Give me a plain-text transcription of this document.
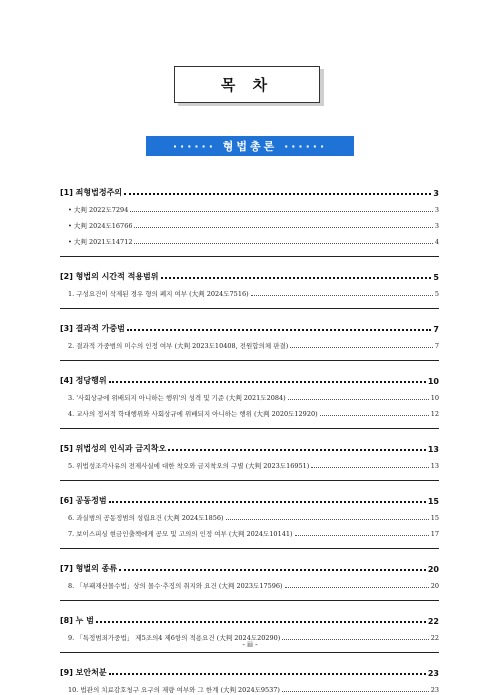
목 차
······ 형법총론 ······
[1] 죄형법정주의	3
• 大判 2022도7294	3
• 大判 2024도16766	3
• 大判 2021도14712	4
[2] 형법의 시간적 적용범위	5
1. 구성요건이 삭제된 경우 형의 폐지 여부 (大判 2024도7516)	5
[3] 결과적 가중범	7
2. 결과적 가중범의 미수의 인정 여부 (大判 2023도10408, 전원합의체 판결)	7
[4] 정당행위	10
3. '사회상규에 위배되지 아니하는 행위'의 성격 및 기준 (大判 2021도2084)	10
4. 교사의 정서적 학대행위와 사회상규에 위배되지 아니하는 행위 (大判 2020도12920)	12
[5] 위법성의 인식과 금지착오	13
5. 위법성조각사유의 전제사실에 대한 착오와 금지착오의 구별 (大判 2023도16951)	13
[6] 공동정범	15
6. 과실범의 공동정범의 성립요건 (大判 2024도1856)	15
7. 보이스피싱 현금인출책에게 공모 및 고의의 인정 여부 (大判 2024도10141)	17
[7] 형벌의 종류	20
8. 「부패재산몰수법」상의 몰수·추징의 취지와 요건 (大判 2023도17596)	20
[8] 누 범	22
9. 「특정범죄가중법」 제5조의4 제6항의 적용요건 (大判 2024도20290)	22
[9] 보안처분	23
10. 법관의 치료감호청구 요구의 재량 여부와 그 한계 (大判 2024도9537)	23
- iii -
